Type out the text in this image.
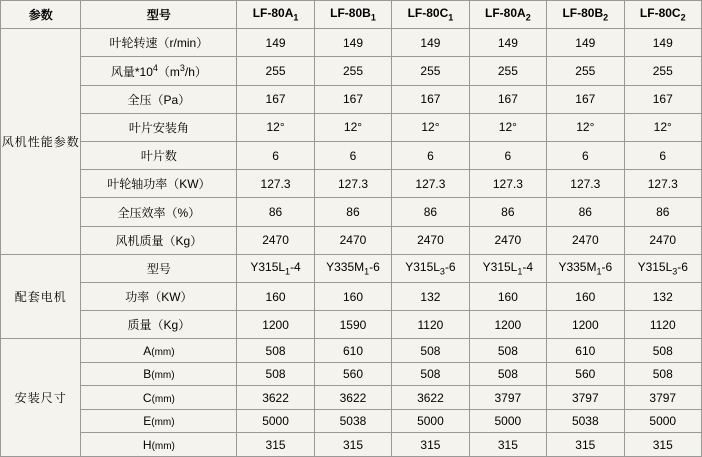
参数	型号	$LF-80A_1$	$LF-80B_1$	$LF-80C_1$	$LF-80A_2$	$LF-80B_2$	$LF-80C_2$
风机性能参数	叶轮转速（r/min）	149	149	149	149	149	149
	风量$*10^4(m^3/h)$	255	255	255	255	255	255
	全压（Pa）	167	167	167	167	167	167
	叶片安装角	12°	12°	12°	12°	12°	12°
	叶片数	6	6	6	6	6	6
	叶轮轴功率（KW）	127.3	127.3	127.3	127.3	127.3	127.3
	全压效率（%）	86	86	86	86	86	86
	风机质量（Kg）	2470	2470	2470	2470	2470	2470
配套电机	型号	$Y315L_1-4$	$Y335M_1-6$	$Y315L_3-6$	$Y315L_1-4$	$Y335M_1-6$	$Y315L_3-6$
	功率（KW）	160	160	132	160	160	132
	质量（Kg）	1200	1590	1120	1200	1200	1120
安装尺寸	A(mm)	508	610	508	508	610	508
	B(mm)	508	560	508	508	560	508
	C(mm)	3622	3622	3622	3797	3797	3797
	E(mm)	5000	5038	5000	5000	5038	5000
	H(mm)	315	315	315	315	315	315
